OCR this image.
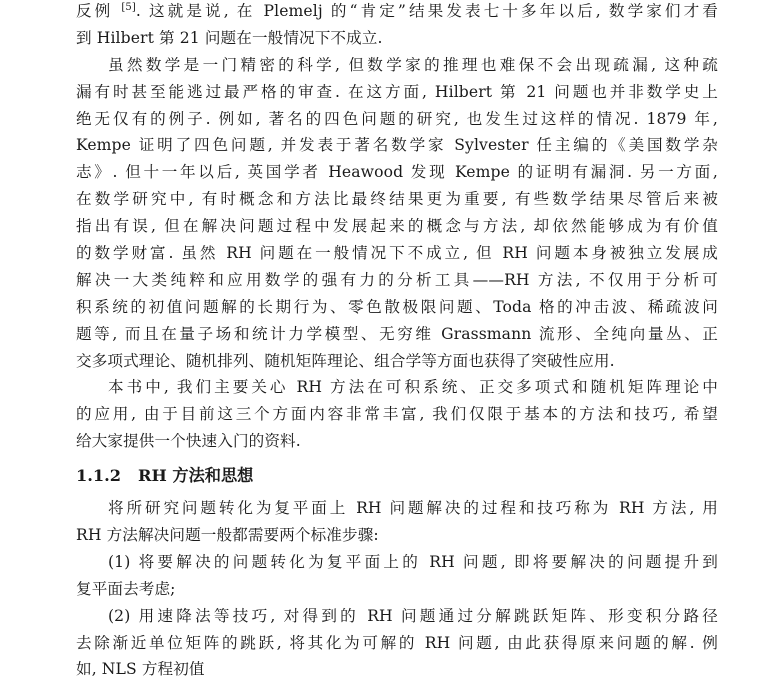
反例 [5]. 这就是说, 在 Plemelj 的“肯定”结果发表七十多年以后, 数学家们才看
到 Hilbert 第 21 问题在一般情况下不成立.
虽然数学是一门精密的科学, 但数学家的推理也难保不会出现疏漏, 这种疏
漏有时甚至能逃过最严格的审查. 在这方面, Hilbert 第 21 问题也并非数学史上
绝无仅有的例子. 例如, 著名的四色问题的研究, 也发生过这样的情况. 1879 年,
Kempe 证明了四色问题, 并发表于著名数学家 Sylvester 任主编的《美国数学杂
志》. 但十一年以后, 英国学者 Heawood 发现 Kempe 的证明有漏洞. 另一方面,
在数学研究中, 有时概念和方法比最终结果更为重要, 有些数学结果尽管后来被
指出有误, 但在解决问题过程中发展起来的概念与方法, 却依然能够成为有价值
的数学财富. 虽然 RH 问题在一般情况下不成立, 但 RH 问题本身被独立发展成
解决一大类纯粹和应用数学的强有力的分析工具——RH 方法, 不仅用于分析可
积系统的初值问题解的长期行为、零色散极限问题、Toda 格的冲击波、稀疏波问
题等, 而且在量子场和统计力学模型、无穷维 Grassmann 流形、全纯向量丛、正
交多项式理论、随机排列、随机矩阵理论、组合学等方面也获得了突破性应用.
本书中, 我们主要关心 RH 方法在可积系统、正交多项式和随机矩阵理论中
的应用, 由于目前这三个方面内容非常丰富, 我们仅限于基本的方法和技巧, 希望
给大家提供一个快速入门的资料.
1.1.2 RH 方法和思想
将所研究问题转化为复平面上 RH 问题解决的过程和技巧称为 RH 方法, 用
RH 方法解决问题一般都需要两个标准步骤:
(1) 将要解决的问题转化为复平面上的 RH 问题, 即将要解决的问题提升到
复平面去考虑;
(2) 用速降法等技巧, 对得到的 RH 问题通过分解跳跃矩阵、形变积分路径
去除渐近单位矩阵的跳跃, 将其化为可解的 RH 问题, 由此获得原来问题的解. 例
如, NLS 方程初值
